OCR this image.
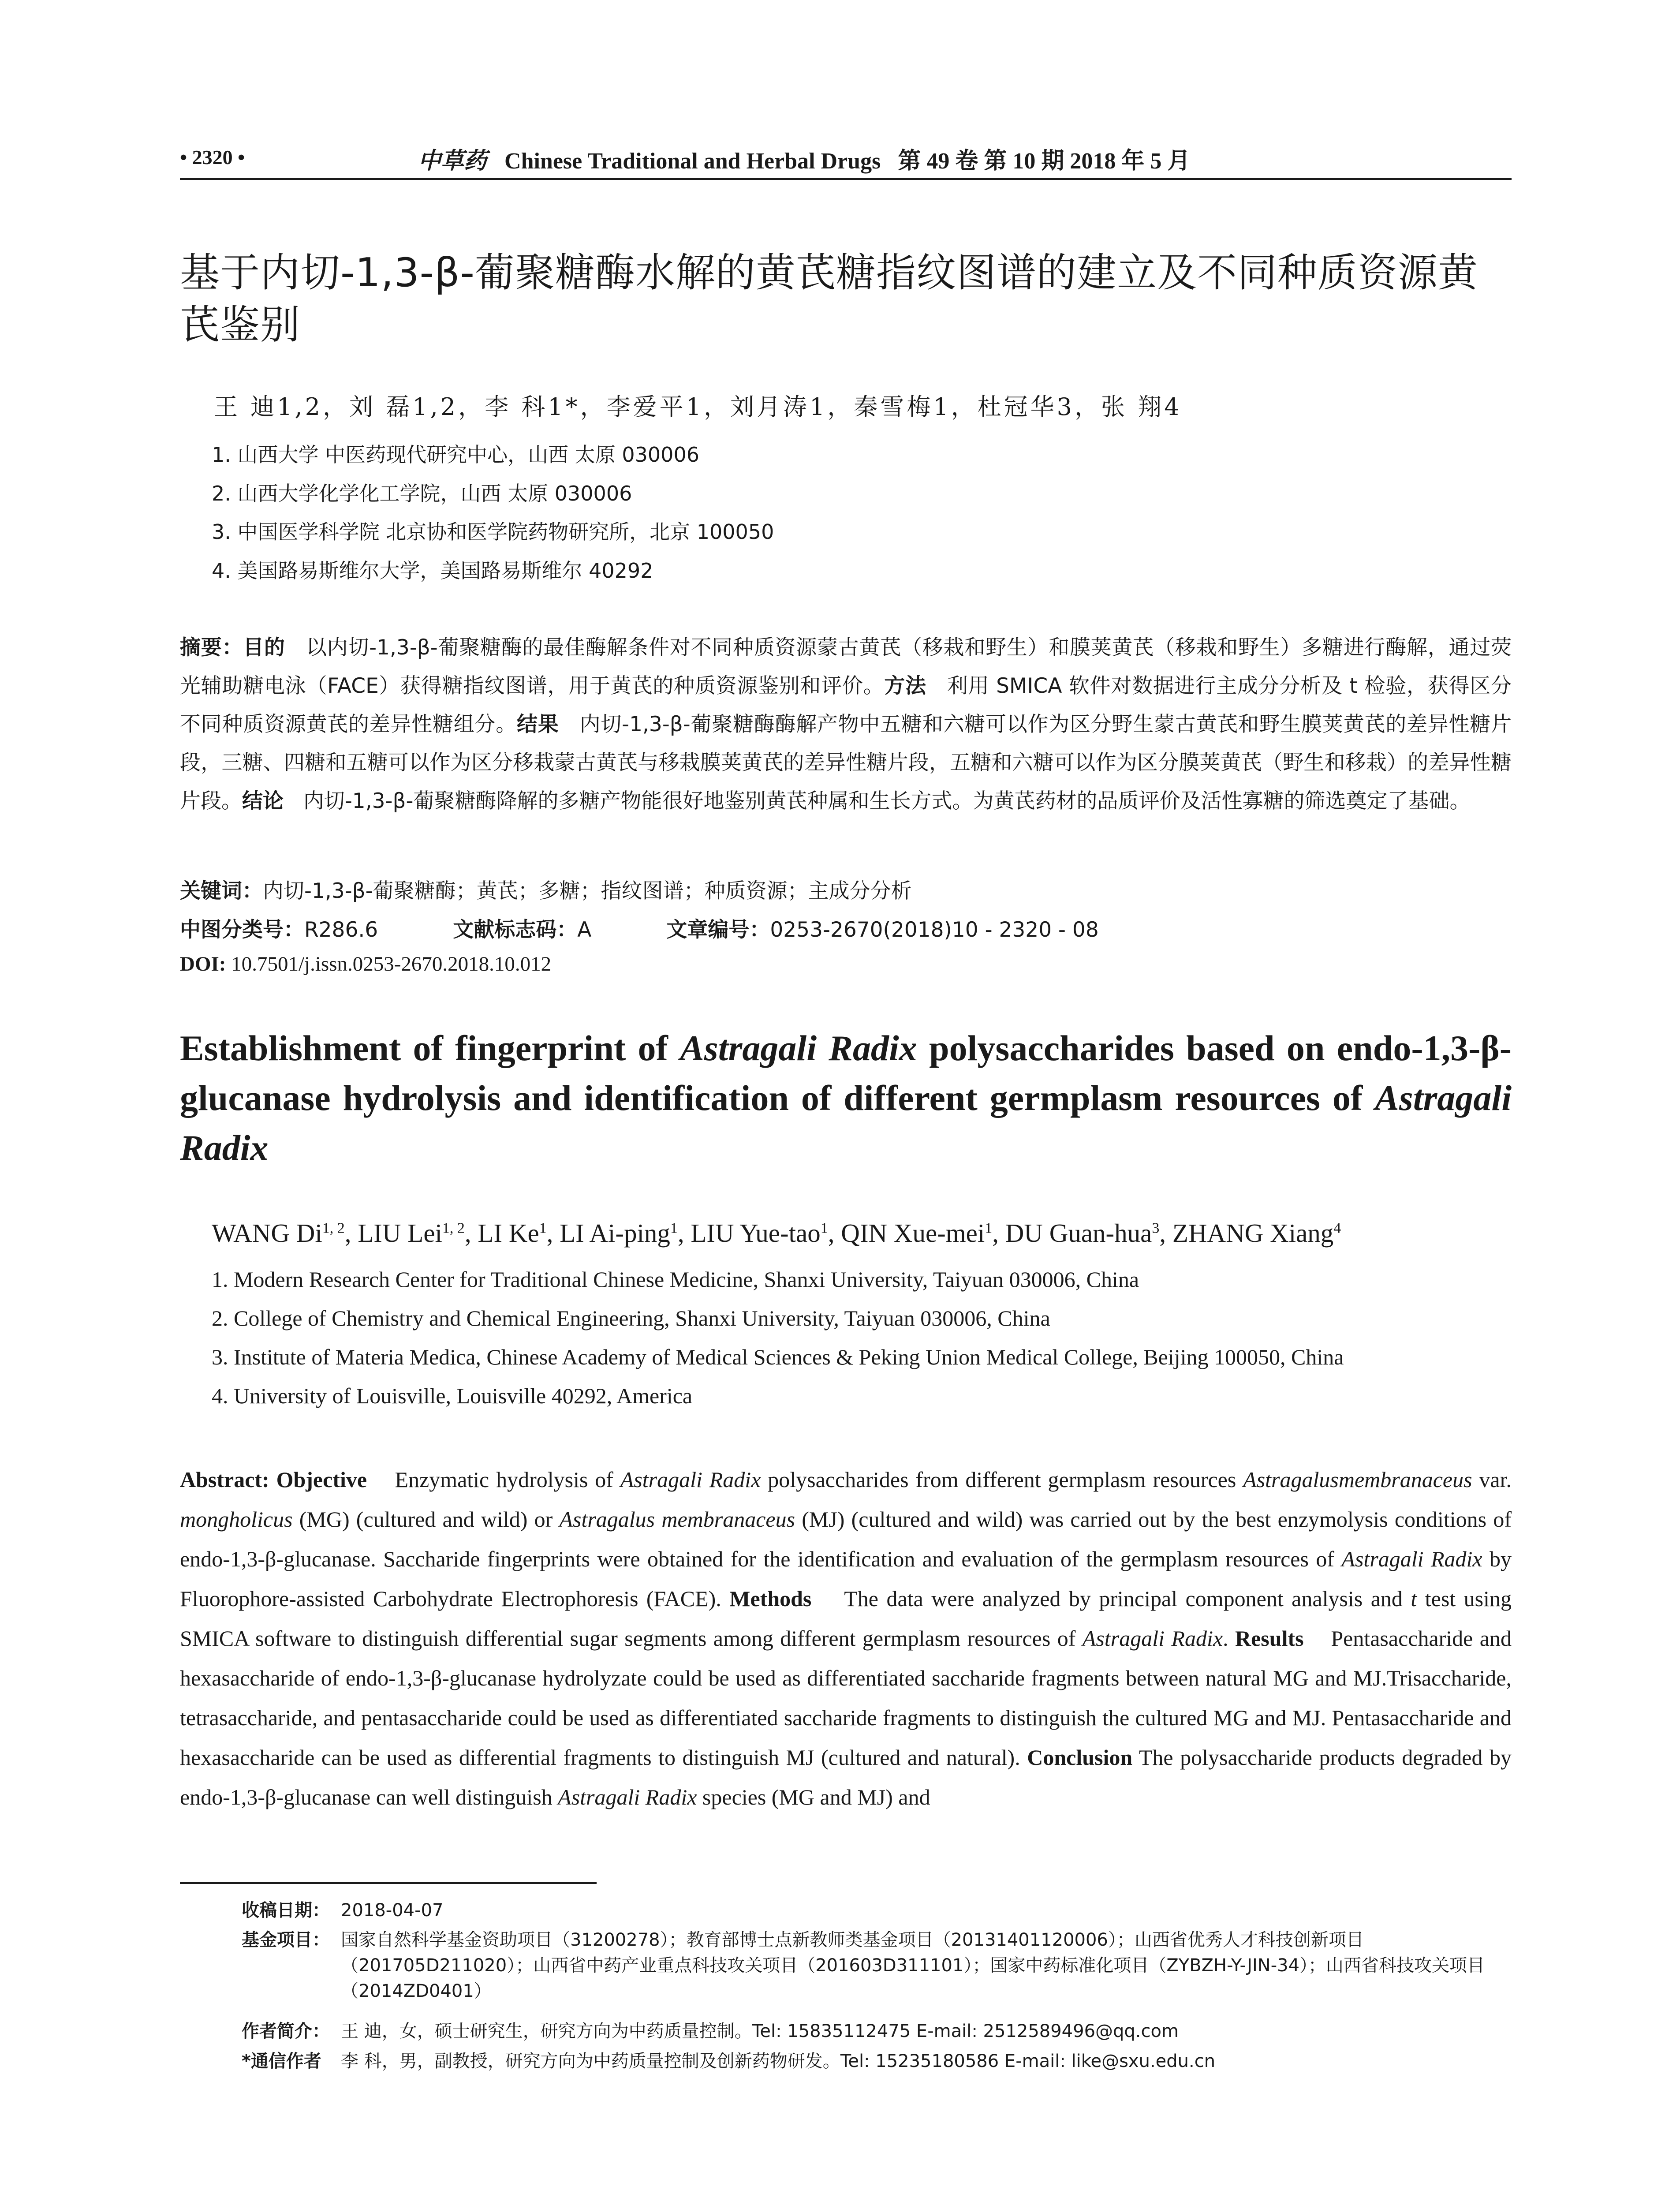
• 2320 •	中草药 Chinese Traditional and Herbal Drugs 第 49 卷 第 10 期 2018 年 5 月
基于内切-1,3-β-葡聚糖酶水解的黄芪糖指纹图谱的建立及不同种质资源黄
芪鉴别
王 迪1,2，刘 磊1,2，李 科1*，李爱平1，刘月涛1，秦雪梅1，杜冠华3，张 翔4
1. 山西大学 中医药现代研究中心，山西 太原 030006
2. 山西大学化学化工学院，山西 太原 030006
3. 中国医学科学院 北京协和医学院药物研究所，北京 100050
4. 美国路易斯维尔大学，美国路易斯维尔 40292
摘要：目的 以内切-1,3-β-葡聚糖酶的最佳酶解条件对不同种质资源蒙古黄芪（移栽和野生）和膜荚黄芪（移栽和野生）多糖进行酶解，通过荧光辅助糖电泳（FACE）获得糖指纹图谱，用于黄芪的种质资源鉴别和评价。方法 利用 SMICA 软件对数据进行主成分分析及 t 检验，获得区分不同种质资源黄芪的差异性糖组分。结果 内切-1,3-β-葡聚糖酶酶解产物中五糖和六糖可以作为区分野生蒙古黄芪和野生膜荚黄芪的差异性糖片段，三糖、四糖和五糖可以作为区分移栽蒙古黄芪与移栽膜荚黄芪的差异性糖片段，五糖和六糖可以作为区分膜荚黄芪（野生和移栽）的差异性糖片段。结论 内切-1,3-β-葡聚糖酶降解的多糖产物能很好地鉴别黄芪种属和生长方式。为黄芪药材的品质评价及活性寡糖的筛选奠定了基础。
关键词：内切-1,3-β-葡聚糖酶；黄芪；多糖；指纹图谱；种质资源；主成分分析
中图分类号：R286.6	文献标志码：A	文章编号：0253-2670(2018)10 - 2320 - 08
DOI: 10.7501/j.issn.0253-2670.2018.10.012
Establishment of fingerprint of Astragali Radix polysaccharides based on endo-1,3-β-glucanase hydrolysis and identification of different germplasm resources of Astragali Radix
WANG Di$^{1, 2}$, LIU Lei$^{1, 2}$, LI Ke$^1$, LI Ai-ping$^1$, LIU Yue-tao$^1$, QIN Xue-mei$^1$, DU Guan-hua$^3$, ZHANG Xiang$^4$
1. Modern Research Center for Traditional Chinese Medicine, Shanxi University, Taiyuan 030006, China
2. College of Chemistry and Chemical Engineering, Shanxi University, Taiyuan 030006, China
3. Institute of Materia Medica, Chinese Academy of Medical Sciences & Peking Union Medical College, Beijing 100050, China
4. University of Louisville, Louisville 40292, America
Abstract: Objective Enzymatic hydrolysis of Astragali Radix polysaccharides from different germplasm resources Astragalusmembranaceus var. mongholicus (MG) (cultured and wild) or Astragalus membranaceus (MJ) (cultured and wild) was carried out by the best enzymolysis conditions of endo-1,3-β-glucanase. Saccharide fingerprints were obtained for the identification and evaluation of the germplasm resources of Astragali Radix by Fluorophore-assisted Carbohydrate Electrophoresis (FACE). Methods The data were analyzed by principal component analysis and t test using SMICA software to distinguish differential sugar segments among different germplasm resources of Astragali Radix. Results Pentasaccharide and hexasaccharide of endo-1,3-β-glucanase hydrolyzate could be used as differentiated saccharide fragments between natural MG and MJ.Trisaccharide, tetrasaccharide, and pentasaccharide could be used as differentiated saccharide fragments to distinguish the cultured MG and MJ. Pentasaccharide and hexasaccharide can be used as differential fragments to distinguish MJ (cultured and natural). Conclusion The polysaccharide products degraded by endo-1,3-β-glucanase can well distinguish Astragali Radix species (MG and MJ) and
收稿日期： 2018-04-07
基金项目： 国家自然科学基金资助项目（31200278）；教育部博士点新教师类基金项目（20131401120006）；山西省优秀人才科技创新项目（201705D211020）；山西省中药产业重点科技攻关项目（201603D311101）；国家中药标准化项目（ZYBZH-Y-JIN-34）；山西省科技攻关项目（2014ZD0401）
作者简介： 王 迪，女，硕士研究生，研究方向为中药质量控制。Tel: 15835112475 E-mail: 2512589496@qq.com
*通信作者	李 科，男，副教授，研究方向为中药质量控制及创新药物研发。Tel: 15235180586 E-mail: like@sxu.edu.cn
